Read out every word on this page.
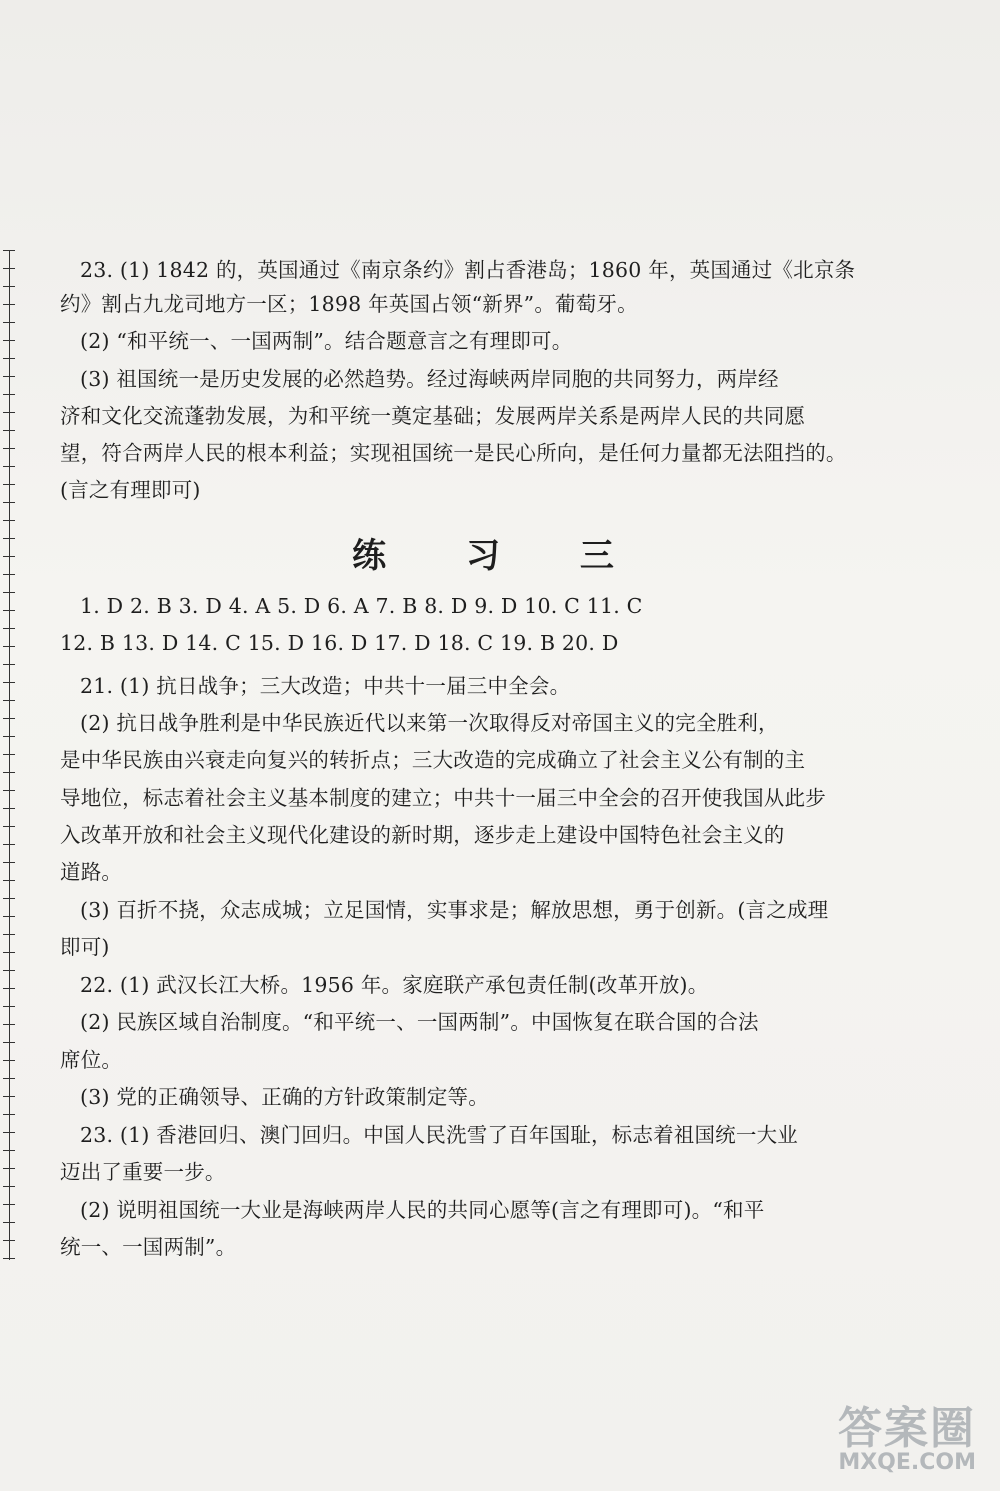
23. (1) 1842 的，英国通过《南京条约》割占香港岛；1860 年，英国通过《北京条
约》割占九龙司地方一区；1898 年英国占领“新界”。葡萄牙。
(2) “和平统一、一国两制”。结合题意言之有理即可。
(3) 祖国统一是历史发展的必然趋势。经过海峡两岸同胞的共同努力，两岸经
济和文化交流蓬勃发展，为和平统一奠定基础；发展两岸关系是两岸人民的共同愿
望，符合两岸人民的根本利益；实现祖国统一是民心所向，是任何力量都无法阻挡的。
(言之有理即可)
练 习 三
1. D 2. B 3. D 4. A 5. D 6. A 7. B 8. D 9. D 10. C 11. C
12. B 13. D 14. C 15. D 16. D 17. D 18. C 19. B 20. D
21. (1) 抗日战争；三大改造；中共十一届三中全会。
(2) 抗日战争胜利是中华民族近代以来第一次取得反对帝国主义的完全胜利，
是中华民族由兴衰走向复兴的转折点；三大改造的完成确立了社会主义公有制的主
导地位，标志着社会主义基本制度的建立；中共十一届三中全会的召开使我国从此步
入改革开放和社会主义现代化建设的新时期，逐步走上建设中国特色社会主义的
道路。
(3) 百折不挠，众志成城；立足国情，实事求是；解放思想，勇于创新。(言之成理
即可)
22. (1) 武汉长江大桥。1956 年。家庭联产承包责任制(改革开放)。
(2) 民族区域自治制度。“和平统一、一国两制”。中国恢复在联合国的合法
席位。
(3) 党的正确领导、正确的方针政策制定等。
23. (1) 香港回归、澳门回归。中国人民洗雪了百年国耻，标志着祖国统一大业
迈出了重要一步。
(2) 说明祖国统一大业是海峡两岸人民的共同心愿等(言之有理即可)。“和平
统一、一国两制”。
答案圈
MXQE.COM
